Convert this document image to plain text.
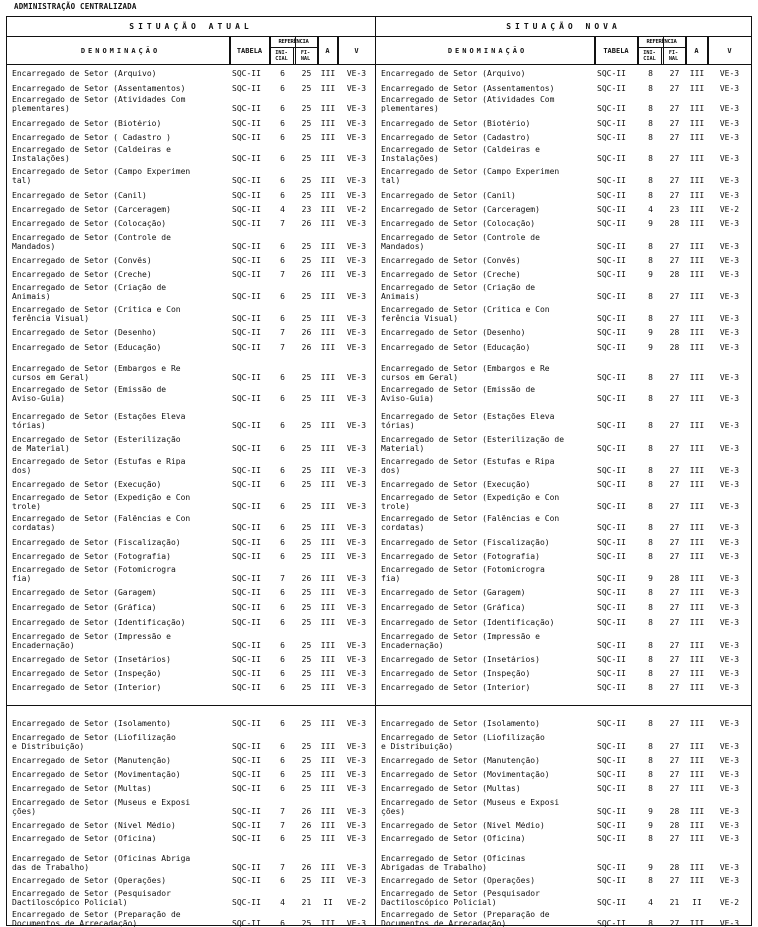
ADMINISTRAÇÃO CENTRALIZADA
SITUAÇÃO ATUAL
DENOMINAÇÃO	TABELA
REFERÊNCIA
INI-
CIAL
FI-
NAL
A	V
Encarregado de Setor (Arquivo)	SQC-II	6	25	III	VE-3
Encarregado de Setor (Assentamentos)	SQC-II	6	25	III	VE-3
Encarregado de Setor (Atividades Com
plementares)	SQC-II	6	25	III	VE-3
Encarregado de Setor (Biotério)	SQC-II	6	25	III	VE-3
Encarregado de Setor ( Cadastro )	SQC-II	6	25	III	VE-3
Encarregado de Setor (Caldeiras e
Instalações)	SQC-II	6	25	III	VE-3
Encarregado de Setor (Campo Experimen
tal)	SQC-II	6	25	III	VE-3
Encarregado de Setor (Canil)	SQC-II	6	25	III	VE-3
Encarregado de Setor (Carceragem)	SQC-II	4	23	III	VE-2
Encarregado de Setor (Colocação)	SQC-II	7	26	III	VE-3
Encarregado de Setor (Controle de
Mandados)	SQC-II	6	25	III	VE-3
Encarregado de Setor (Convês)	SQC-II	6	25	III	VE-3
Encarregado de Setor (Creche)	SQC-II	7	26	III	VE-3
Encarregado de Setor (Criação de
Animais)	SQC-II	6	25	III	VE-3
Encarregado de Setor (Crítica e Con
ferência Visual)	SQC-II	6	25	III	VE-3
Encarregado de Setor (Desenho)	SQC-II	7	26	III	VE-3
Encarregado de Setor (Educação)	SQC-II	7	26	III	VE-3
Encarregado de Setor (Embargos e Re
cursos em Geral)	SQC-II	6	25	III	VE-3
Encarregado de Setor (Emissão de
Aviso-Guia)	SQC-II	6	25	III	VE-3
Encarregado de Setor (Estações Eleva
tórias)	SQC-II	6	25	III	VE-3
Encarregado de Setor (Esterilização
de Material)	SQC-II	6	25	III	VE-3
Encarregado de Setor (Estufas e Ripa
dos)	SQC-II	6	25	III	VE-3
Encarregado de Setor (Execução)	SQC-II	6	25	III	VE-3
Encarregado de Setor (Expedição e Con
trole)	SQC-II	6	25	III	VE-3
Encarregado de Setor (Falências e Con
cordatas)	SQC-II	6	25	III	VE-3
Encarregado de Setor (Fiscalização)	SQC-II	6	25	III	VE-3
Encarregado de Setor (Fotografia)	SQC-II	6	25	III	VE-3
Encarregado de Setor (Fotomicrogra
fia)	SQC-II	7	26	III	VE-3
Encarregado de Setor (Garagem)	SQC-II	6	25	III	VE-3
Encarregado de Setor (Gráfica)	SQC-II	6	25	III	VE-3
Encarregado de Setor (Identificação)	SQC-II	6	25	III	VE-3
Encarregado de Setor (Impressão e
Encadernação)	SQC-II	6	25	III	VE-3
Encarregado de Setor (Insetários)	SQC-II	6	25	III	VE-3
Encarregado de Setor (Inspeção)	SQC-II	6	25	III	VE-3
Encarregado de Setor (Interior)	SQC-II	6	25	III	VE-3
Encarregado de Setor (Isolamento)	SQC-II	6	25	III	VE-3
Encarregado de Setor (Liofilização
e Distribuição)	SQC-II	6	25	III	VE-3
Encarregado de Setor (Manutenção)	SQC-II	6	25	III	VE-3
Encarregado de Setor (Movimentação)	SQC-II	6	25	III	VE-3
Encarregado de Setor (Multas)	SQC-II	6	25	III	VE-3
Encarregado de Setor (Museus e Exposi
ções)	SQC-II	7	26	III	VE-3
Encarregado de Setor (Nível Médio)	SQC-II	7	26	III	VE-3
Encarregado de Setor (Oficina)	SQC-II	6	25	III	VE-3
Encarregado de Setor (Oficinas Abriga
das de Trabalho)	SQC-II	7	26	III	VE-3
Encarregado de Setor (Operações)	SQC-II	6	25	III	VE-3
Encarregado de Setor (Pesquisador
Dactiloscópico Policial)	SQC-II	4	21	II	VE-2
Encarregado de Setor (Preparação de
Documentos de Arrecadação)	SQC-II	6	25	III	VE-3
SITUAÇÃO NOVA
DENOMINAÇÃO	TABELA
REFERÊNCIA
INI-
CIAL
FI-
NAL
A	V
Encarregado de Setor (Arquivo)	SQC-II	8	27	III	VE-3
Encarregado de Setor (Assentamentos)	SQC-II	8	27	III	VE-3
Encarregado de Setor (Atividades Com
plementares)	SQC-II	8	27	III	VE-3
Encarregado de Setor (Biotério)	SQC-II	8	27	III	VE-3
Encarregado de Setor (Cadastro)	SQC-II	8	27	III	VE-3
Encarregado de Setor (Caldeiras e
Instalações)	SQC-II	8	27	III	VE-3
Encarregado de Setor (Campo Experimen
tal)	SQC-II	8	27	III	VE-3
Encarregado de Setor (Canil)	SQC-II	8	27	III	VE-3
Encarregado de Setor (Carceragem)	SQC-II	4	23	III	VE-2
Encarregado de Setor (Colocação)	SQC-II	9	28	III	VE-3
Encarregado de Setor (Controle de
Mandados)	SQC-II	8	27	III	VE-3
Encarregado de Setor (Convês)	SQC-II	8	27	III	VE-3
Encarregado de Setor (Creche)	SQC-II	9	28	III	VE-3
Encarregado de Setor (Criação de
Animais)	SQC-II	8	27	III	VE-3
Encarregado de Setor (Crítica e Con
ferência Visual)	SQC-II	8	27	III	VE-3
Encarregado de Setor (Desenho)	SQC-II	9	28	III	VE-3
Encarregado de Setor (Educação)	SQC-II	9	28	III	VE-3
Encarregado de Setor (Embargos e Re
cursos em Geral)	SQC-II	8	27	III	VE-3
Encarregado de Setor (Emissão de
Aviso-Guia)	SQC-II	8	27	III	VE-3
Encarregado de Setor (Estações Eleva
tórias)	SQC-II	8	27	III	VE-3
Encarregado de Setor (Esterilização de
Material)	SQC-II	8	27	III	VE-3
Encarregado de Setor (Estufas e Ripa
dos)	SQC-II	8	27	III	VE-3
Encarregado de Setor (Execução)	SQC-II	8	27	III	VE-3
Encarregado de Setor (Expedição e Con
trole)	SQC-II	8	27	III	VE-3
Encarregado de Setor (Falências e Con
cordatas)	SQC-II	8	27	III	VE-3
Encarregado de Setor (Fiscalização)	SQC-II	8	27	III	VE-3
Encarregado de Setor (Fotografia)	SQC-II	8	27	III	VE-3
Encarregado de Setor (Fotomicrogra
fia)	SQC-II	9	28	III	VE-3
Encarregado de Setor (Garagem)	SQC-II	8	27	III	VE-3
Encarregado de Setor (Gráfica)	SQC-II	8	27	III	VE-3
Encarregado de Setor (Identificação)	SQC-II	8	27	III	VE-3
Encarregado de Setor (Impressão e
Encadernação)	SQC-II	8	27	III	VE-3
Encarregado de Setor (Insetários)	SQC-II	8	27	III	VE-3
Encarregado de Setor (Inspeção)	SQC-II	8	27	III	VE-3
Encarregado de Setor (Interior)	SQC-II	8	27	III	VE-3
Encarregado de Setor (Isolamento)	SQC-II	8	27	III	VE-3
Encarregado de Setor (Liofilização
e Distribuição)	SQC-II	8	27	III	VE-3
Encarregado de Setor (Manutenção)	SQC-II	8	27	III	VE-3
Encarregado de Setor (Movimentação)	SQC-II	8	27	III	VE-3
Encarregado de Setor (Multas)	SQC-II	8	27	III	VE-3
Encarregado de Setor (Museus e Exposi
ções)	SQC-II	9	28	III	VE-3
Encarregado de Setor (Nível Médio)	SQC-II	9	28	III	VE-3
Encarregado de Setor (Oficina)	SQC-II	8	27	III	VE-3
Encarregado de Setor (Oficinas
Abrigadas de Trabalho)	SQC-II	9	28	III	VE-3
Encarregado de Setor (Operações)	SQC-II	8	27	III	VE-3
Encarregado de Setor (Pesquisador
Dactiloscópico Policial)	SQC-II	4	21	II	VE-2
Encarregado de Setor (Preparação de
Documentos de Arrecadação)	SQC-II	8	27	III	VE-3
